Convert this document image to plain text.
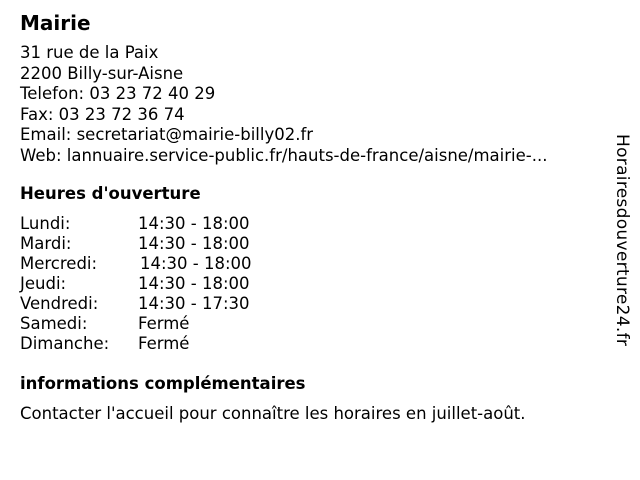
Mairie
31 rue de la Paix
2200 Billy-sur-Aisne
Telefon: 03 23 72 40 29
Fax: 03 23 72 36 74
Email: secretariat@mairie-billy02.fr
Web: lannuaire.service-public.fr/hauts-de-france/aisne/mairie-...
Heures d'ouverture
Lundi:	14:30 - 18:00
Mardi:	14:30 - 18:00
Mercredi:	14:30 - 18:00
Jeudi:	14:30 - 18:00
Vendredi: 14:30 - 17:30
Samedi:	Fermé
Dimanche: Fermé
informations complémentaires
Contacter l'accueil pour connaître les horaires en juillet-août.
Horairesdouverture24.fr
